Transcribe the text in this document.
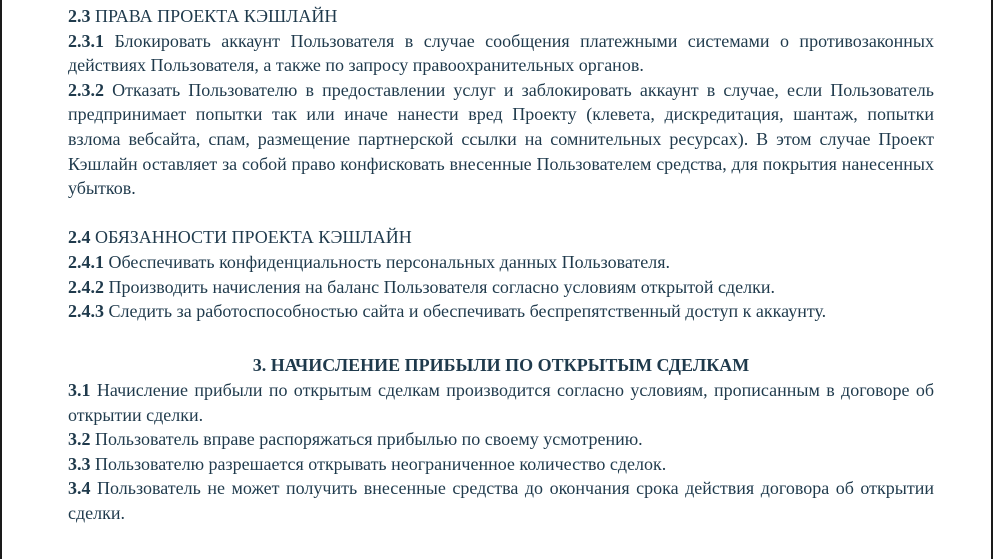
2.3 ПРАВА ПРОЕКТА КЭШЛАЙН

2.3.1 Блокировать аккаунт Пользователя в случае сообщения платежными системами о противозаконных действиях Пользователя, а также по запросу правоохранительных органов.

2.3.2 Отказать Пользователю в предоставлении услуг и заблокировать аккаунт в случае, если Пользователь предпринимает попытки так или иначе нанести вред Проекту (клевета, дискредитация, шантаж, попытки взлома вебсайта, спам, размещение партнерской ссылки на сомнительных ресурсах). В этом случае Проект Кэшлайн оставляет за собой право конфисковать внесенные Пользователем средства, для покрытия нанесенных убытков.

2.4 ОБЯЗАННОСТИ ПРОЕКТА КЭШЛАЙН

2.4.1 Обеспечивать конфиденциальность персональных данных Пользователя.

2.4.2 Производить начисления на баланс Пользователя согласно условиям открытой сделки.

2.4.3 Следить за работоспособностью сайта и обеспечивать беспрепятственный доступ к аккаунту.

3. НАЧИСЛЕНИЕ ПРИБЫЛИ ПО ОТКРЫТЫМ СДЕЛКАМ

3.1 Начисление прибыли по открытым сделкам производится согласно условиям, прописанным в договоре об открытии сделки.

3.2 Пользователь вправе распоряжаться прибылью по своему усмотрению.

3.3 Пользователю разрешается открывать неограниченное количество сделок.

3.4 Пользователь не может получить внесенные средства до окончания срока действия договора об открытии сделки.
